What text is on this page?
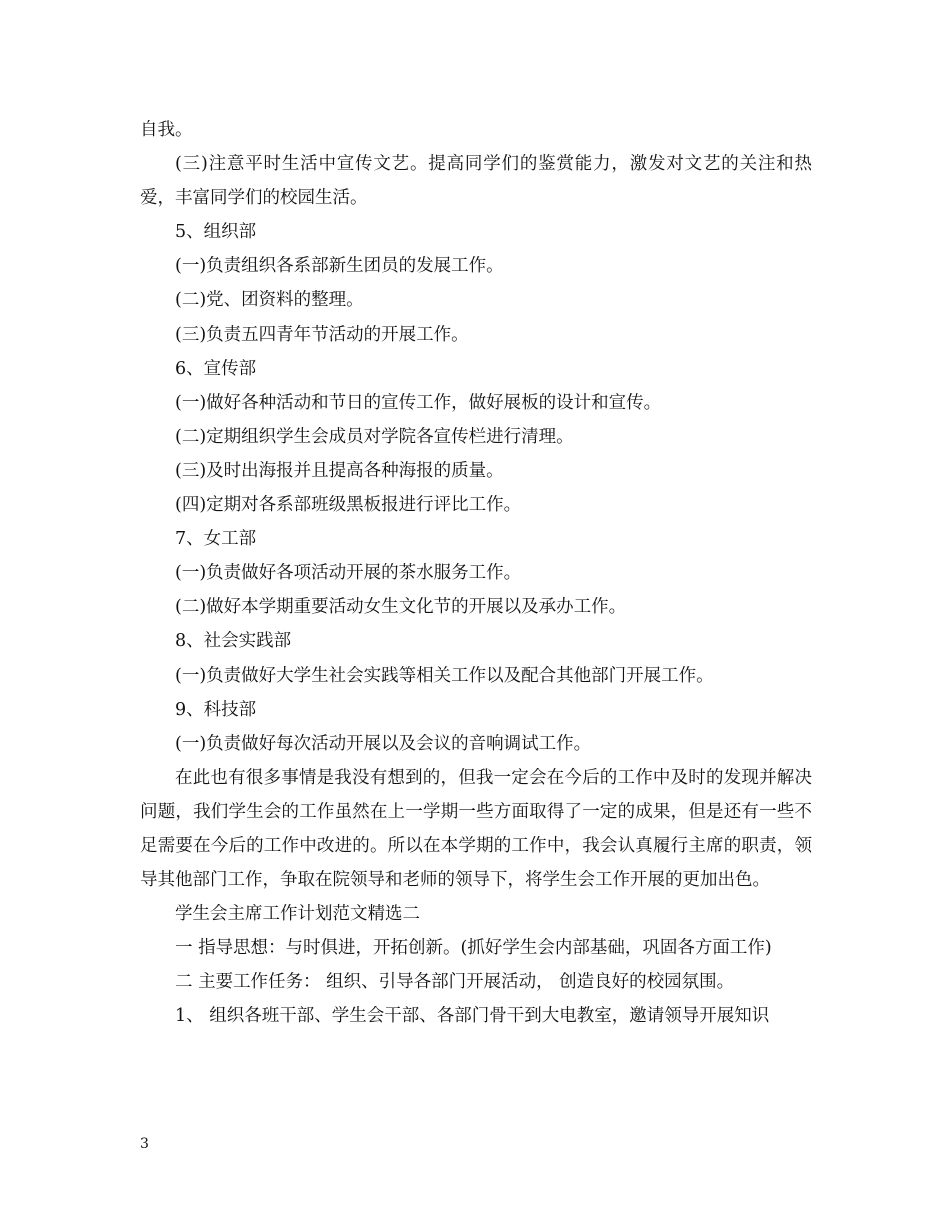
自我。

(三)注意平时生活中宣传文艺。提高同学们的鉴赏能力，激发对文艺的关注和热爱，丰富同学们的校园生活。

5、组织部

(一)负责组织各系部新生团员的发展工作。

(二)党、团资料的整理。

(三)负责五四青年节活动的开展工作。

6、宣传部

(一)做好各种活动和节日的宣传工作，做好展板的设计和宣传。

(二)定期组织学生会成员对学院各宣传栏进行清理。

(三)及时出海报并且提高各种海报的质量。

(四)定期对各系部班级黑板报进行评比工作。

7、女工部

(一)负责做好各项活动开展的茶水服务工作。

(二)做好本学期重要活动女生文化节的开展以及承办工作。

8、社会实践部

(一)负责做好大学生社会实践等相关工作以及配合其他部门开展工作。

9、科技部

(一)负责做好每次活动开展以及会议的音响调试工作。

在此也有很多事情是我没有想到的，但我一定会在今后的工作中及时的发现并解决问题，我们学生会的工作虽然在上一学期一些方面取得了一定的成果，但是还有一些不足需要在今后的工作中改进的。所以在本学期的工作中，我会认真履行主席的职责，领导其他部门工作，争取在院领导和老师的领导下，将学生会工作开展的更加出色。

学生会主席工作计划范文精选二

一 指导思想：与时俱进，开拓创新。(抓好学生会内部基础，巩固各方面工作)

二 主要工作任务： 组织、引导各部门开展活动， 创造良好的校园氛围。

1、 组织各班干部、学生会干部、各部门骨干到大电教室，邀请领导开展知识

3
